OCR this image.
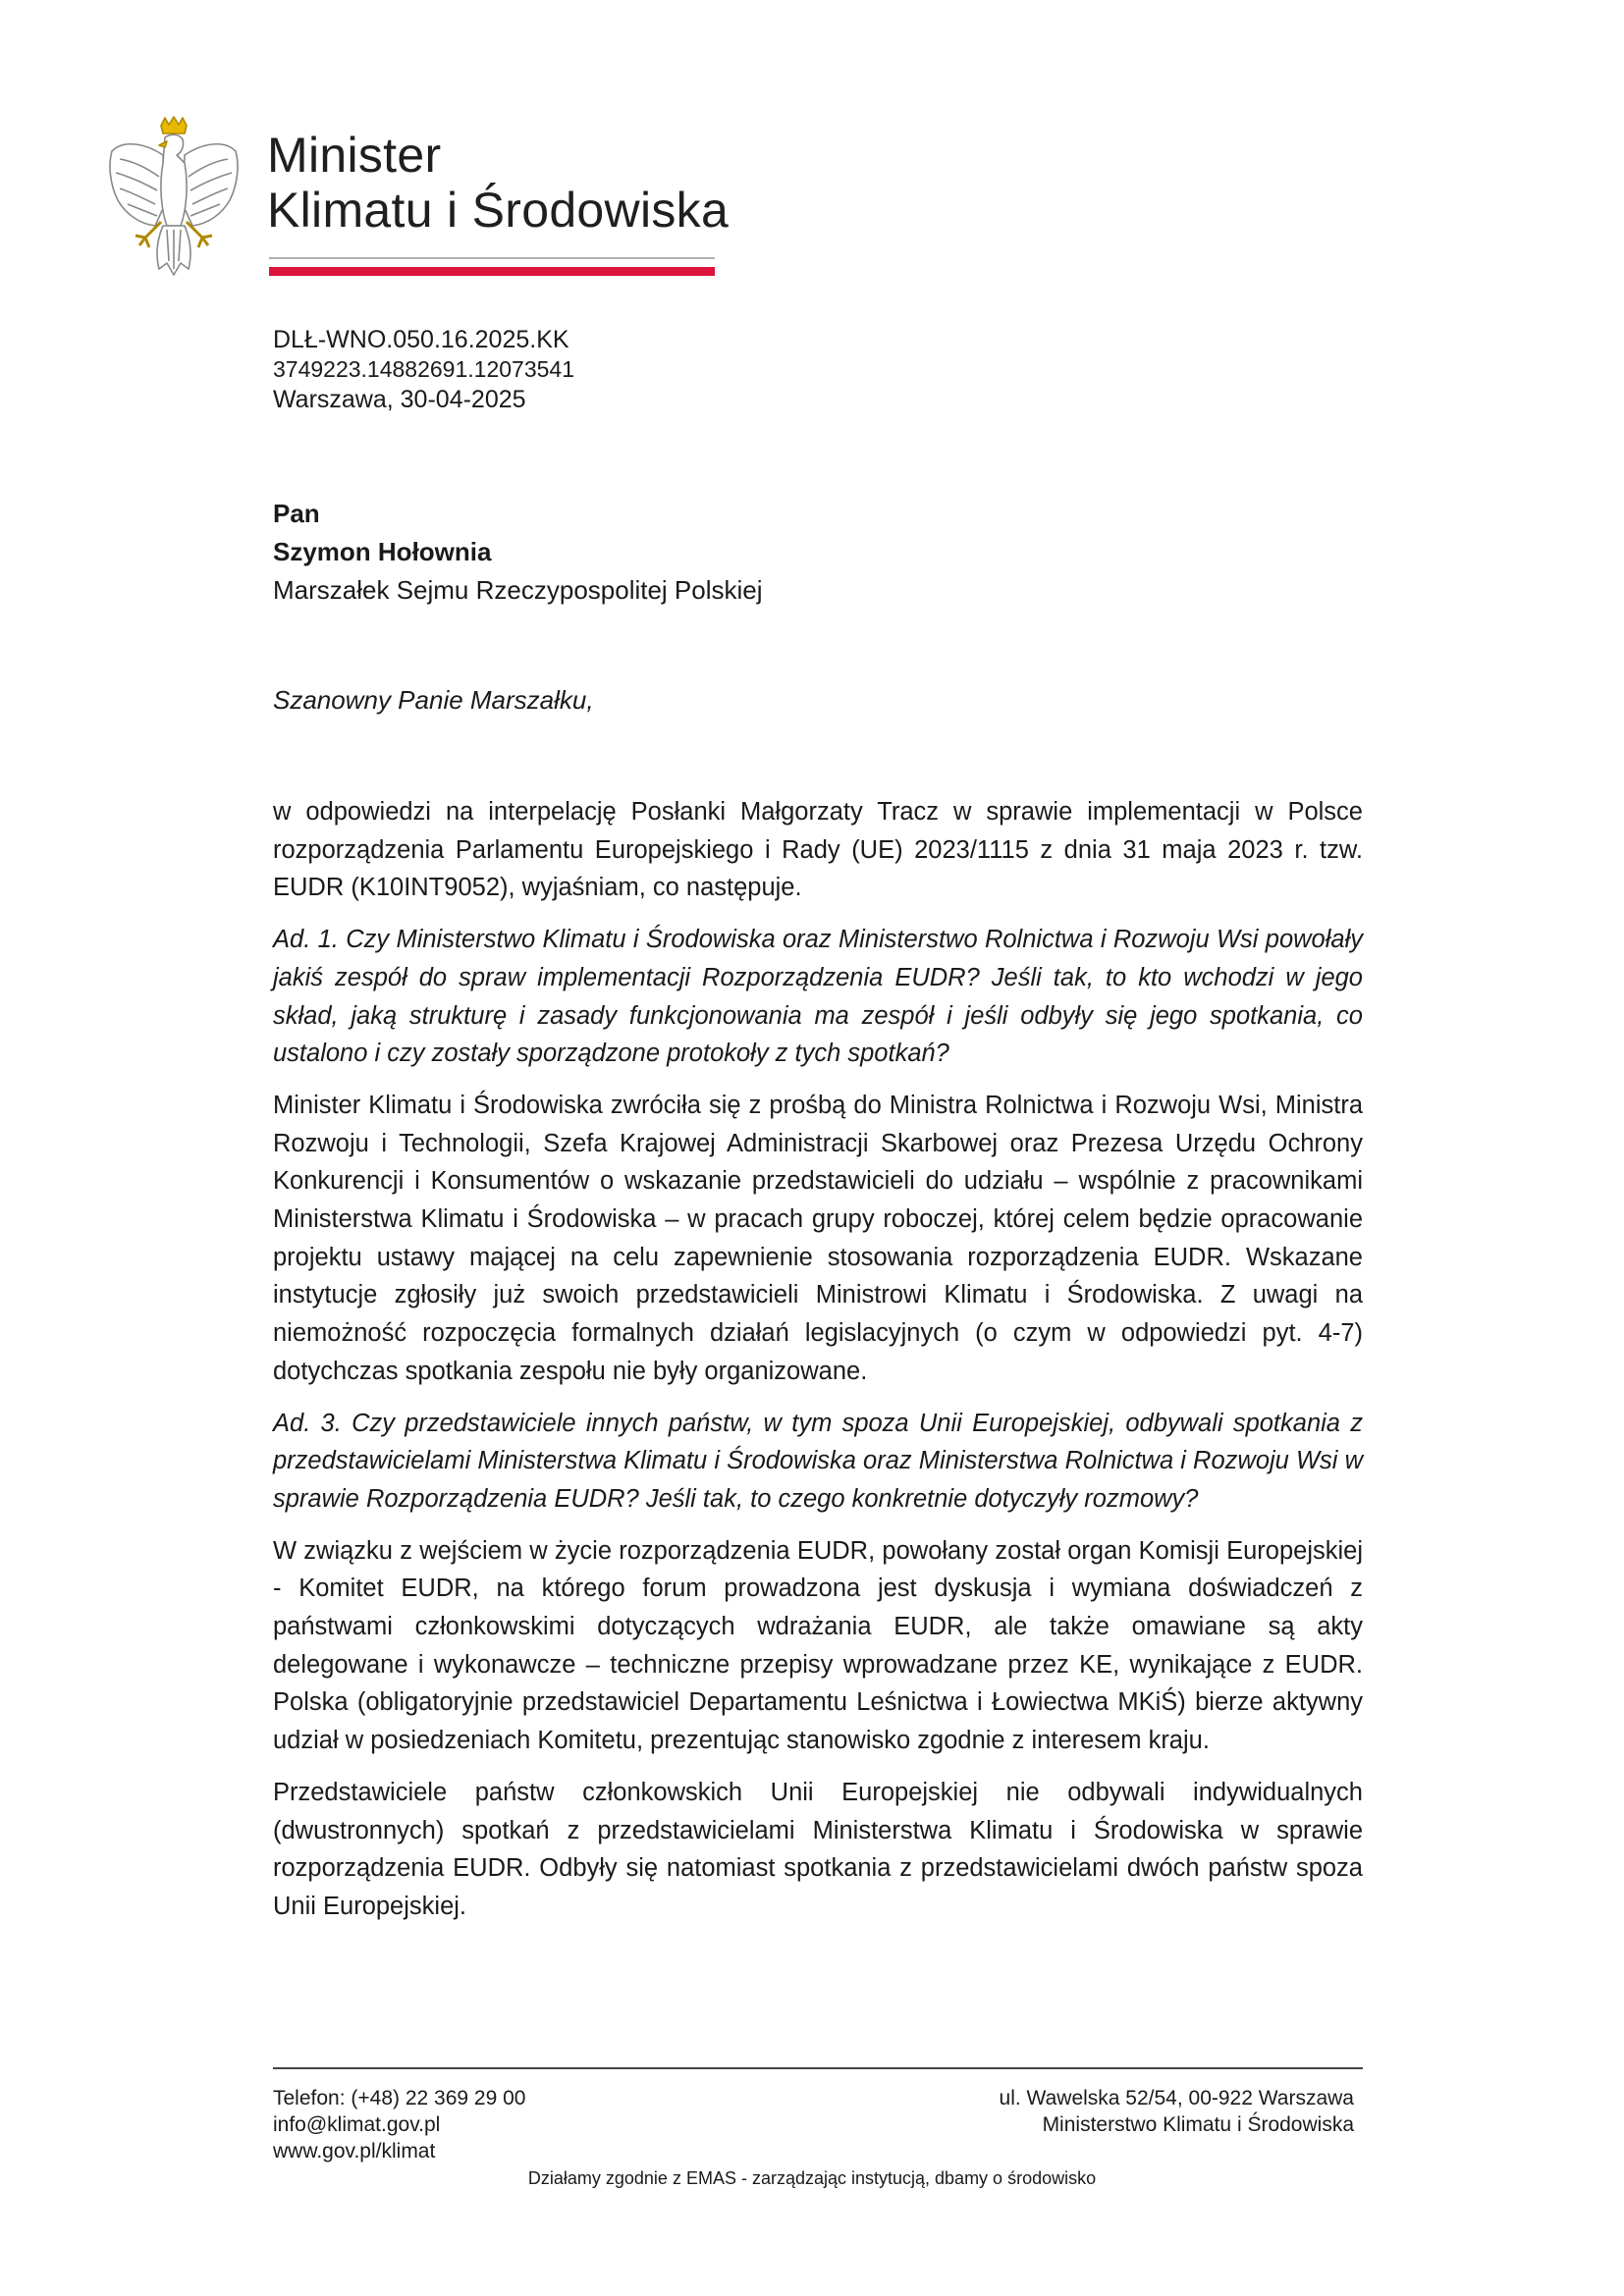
Minister
Klimatu i Środowiska
DLŁ-WNO.050.16.2025.KK
3749223.14882691.12073541
Warszawa, 30-04-2025
Pan
Szymon Hołownia
Marszałek Sejmu Rzeczypospolitej Polskiej
Szanowny Panie Marszałku,

w odpowiedzi na interpelację Posłanki Małgorzaty Tracz w sprawie implementacji w Polsce rozporządzenia Parlamentu Europejskiego i Rady (UE) 2023/1115 z dnia 31 maja 2023 r. tzw. EUDR (K10INT9052), wyjaśniam, co następuje.

Ad. 1. Czy Ministerstwo Klimatu i Środowiska oraz Ministerstwo Rolnictwa i Rozwoju Wsi powołały jakiś zespół do spraw implementacji Rozporządzenia EUDR? Jeśli tak, to kto wchodzi w jego skład, jaką strukturę i zasady funkcjonowania ma zespół i jeśli odbyły się jego spotkania, co ustalono i czy zostały sporządzone protokoły z tych spotkań?

Minister Klimatu i Środowiska zwróciła się z prośbą do Ministra Rolnictwa i Rozwoju Wsi, Ministra Rozwoju i Technologii, Szefa Krajowej Administracji Skarbowej oraz Prezesa Urzędu Ochrony Konkurencji i Konsumentów o wskazanie przedstawicieli do udziału – wspólnie z pracownikami Ministerstwa Klimatu i Środowiska – w pracach grupy roboczej, której celem będzie opracowanie projektu ustawy mającej na celu zapewnienie stosowania rozporządzenia EUDR. Wskazane instytucje zgłosiły już swoich przedstawicieli Ministrowi Klimatu i Środowiska. Z uwagi na niemożność rozpoczęcia formalnych działań legislacyjnych (o czym w odpowiedzi pyt. 4-7) dotychczas spotkania zespołu nie były organizowane.

Ad. 3. Czy przedstawiciele innych państw, w tym spoza Unii Europejskiej, odbywali spotkania z przedstawicielami Ministerstwa Klimatu i Środowiska oraz Ministerstwa Rolnictwa i Rozwoju Wsi w sprawie Rozporządzenia EUDR? Jeśli tak, to czego konkretnie dotyczyły rozmowy?

W związku z wejściem w życie rozporządzenia EUDR, powołany został organ Komisji Europejskiej - Komitet EUDR, na którego forum prowadzona jest dyskusja i wymiana doświadczeń z państwami członkowskimi dotyczących wdrażania EUDR, ale także omawiane są akty delegowane i wykonawcze – techniczne przepisy wprowadzane przez KE, wynikające z EUDR. Polska (obligatoryjnie przedstawiciel Departamentu Leśnictwa i Łowiectwa MKiŚ) bierze aktywny udział w posiedzeniach Komitetu, prezentując stanowisko zgodnie z interesem kraju.

Przedstawiciele państw członkowskich Unii Europejskiej nie odbywali indywidualnych (dwustronnych) spotkań z przedstawicielami Ministerstwa Klimatu i Środowiska w sprawie rozporządzenia EUDR. Odbyły się natomiast spotkania z przedstawicielami dwóch państw spoza Unii Europejskiej.

Telefon: (+48) 22 369 29 00
info@klimat.gov.pl
www.gov.pl/klimat
ul. Wawelska 52/54, 00-922 Warszawa
Ministerstwo Klimatu i Środowiska
Działamy zgodnie z EMAS - zarządzając instytucją, dbamy o środowisko
